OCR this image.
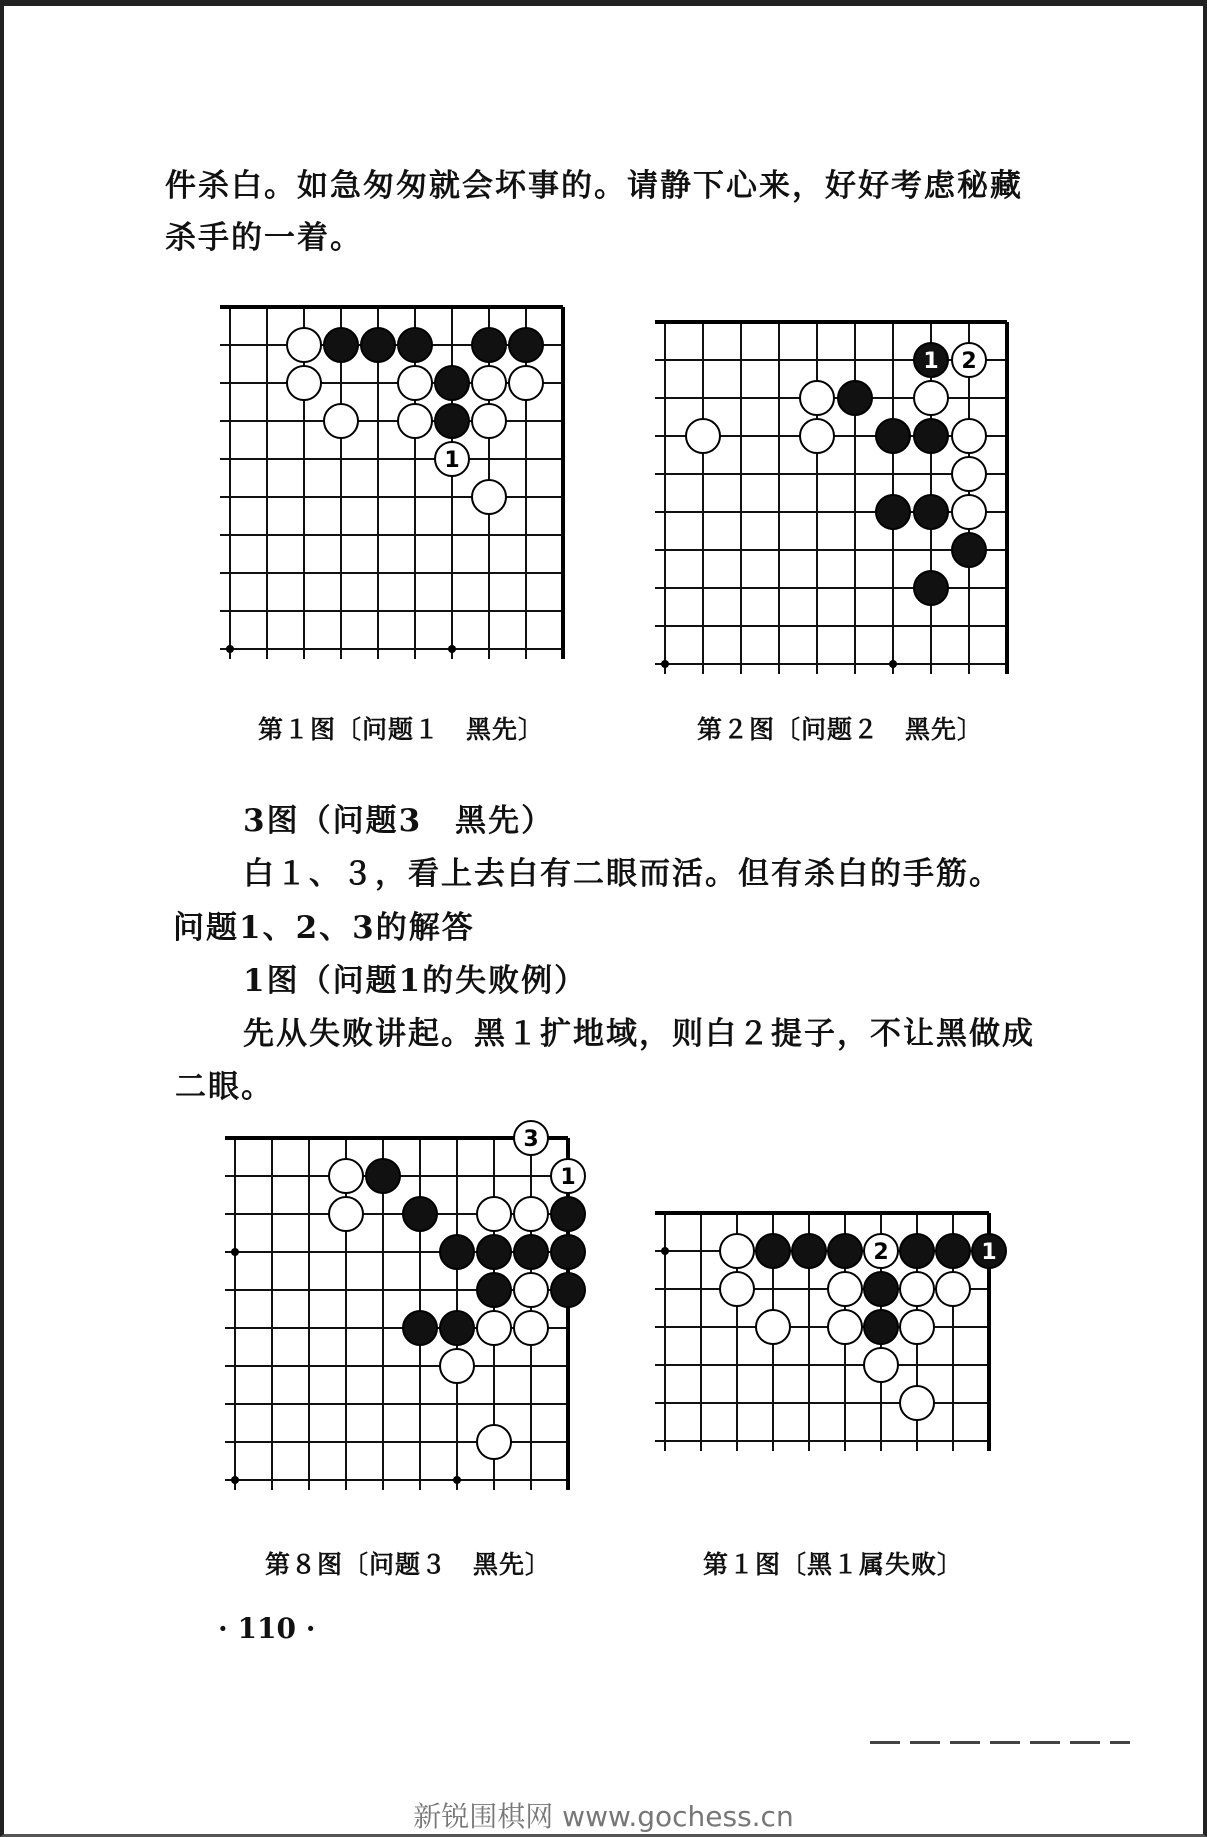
件杀白。如急匆匆就会坏事的。请静下心来，好好考虑秘藏
杀手的一着。
1
1 2
第１图〔问题１　黑先〕	第２图〔问题２　黑先〕
3图（问题3　黑先）
白１、３，看上去白有二眼而活。但有杀白的手筋。
问题1、2、3的解答
1图（问题1的失败例）
先从失败讲起。黑１扩地域，则白２提子，不让黑做成
二眼。
3
1
2	1
第８图〔问题３　黑先〕	第１图〔黑１属失败〕
· 110 ·
新锐围棋网 www.gochess.cn
